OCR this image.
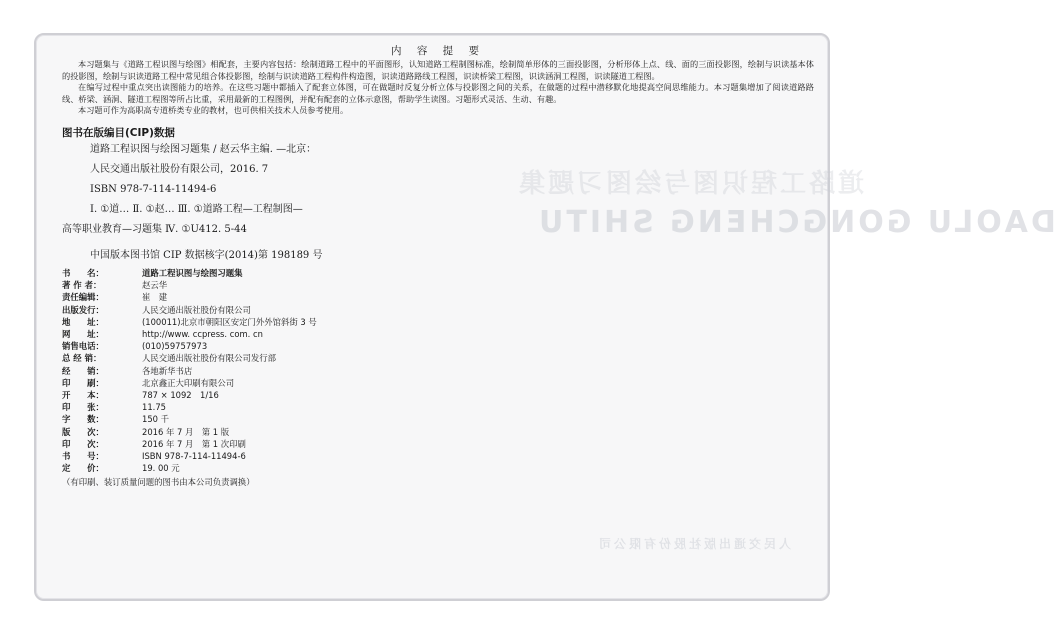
道路工程识图与绘图习题集
DAOLU GONGCHENG SHITU
人民交通出版社股份有限公司
内 容 提 要

本习题集与《道路工程识图与绘图》相配套，主要内容包括：绘制道路工程中的平面图形，认知道路工程制图标准，绘制简单形体的三面投影图，分析形体上点、线、面的三面投影图，绘制与识读基本体的投影图，绘制与识读道路工程中常见组合体投影图，绘制与识读道路工程构件构造图，识读道路路线工程图，识读桥梁工程图，识读涵洞工程图，识读隧道工程图。

在编写过程中重点突出读图能力的培养。在这些习题中都插入了配套立体图，可在做题时反复分析立体与投影图之间的关系，在做题的过程中潜移默化地提高空间思维能力。本习题集增加了阅读道路路线、桥梁、涵洞、隧道工程图等所占比重，采用最新的工程图例，并配有配套的立体示意图，帮助学生读图。习题形式灵活、生动、有趣。

本习题可作为高职高专道桥类专业的教材，也可供相关技术人员参考使用。

图书在版编目(CIP)数据
道路工程识图与绘图习题集 / 赵云华主编. —北京：
人民交通出版社股份有限公司，2016. 7
ISBN 978-7-114-11494-6
Ⅰ. ①道… Ⅱ. ①赵… Ⅲ. ①道路工程—工程制图—
高等职业教育—习题集 Ⅳ. ①U412. 5-44
中国版本图书馆 CIP 数据核字(2014)第 198189 号
书　　名：	道路工程识图与绘图习题集
著 作 者：	赵云华
责任编辑：	崔　建
出版发行：	人民交通出版社股份有限公司
地　　址：	(100011)北京市朝阳区安定门外外馆斜街 3 号
网　　址：	http://www. ccpress. com. cn
销售电话：	(010)59757973
总 经 销：	人民交通出版社股份有限公司发行部
经　　销：	各地新华书店
印　　刷：	北京鑫正大印刷有限公司
开　　本：	787 × 1092　1/16
印　　张：	11.75
字　　数：	150 千
版　　次：	2016 年 7 月　第 1 版
印　　次：	2016 年 7 月　第 1 次印刷
书　　号：	ISBN 978-7-114-11494-6
定　　价：	19. 00 元
（有印刷、装订质量问题的图书由本公司负责调换）
